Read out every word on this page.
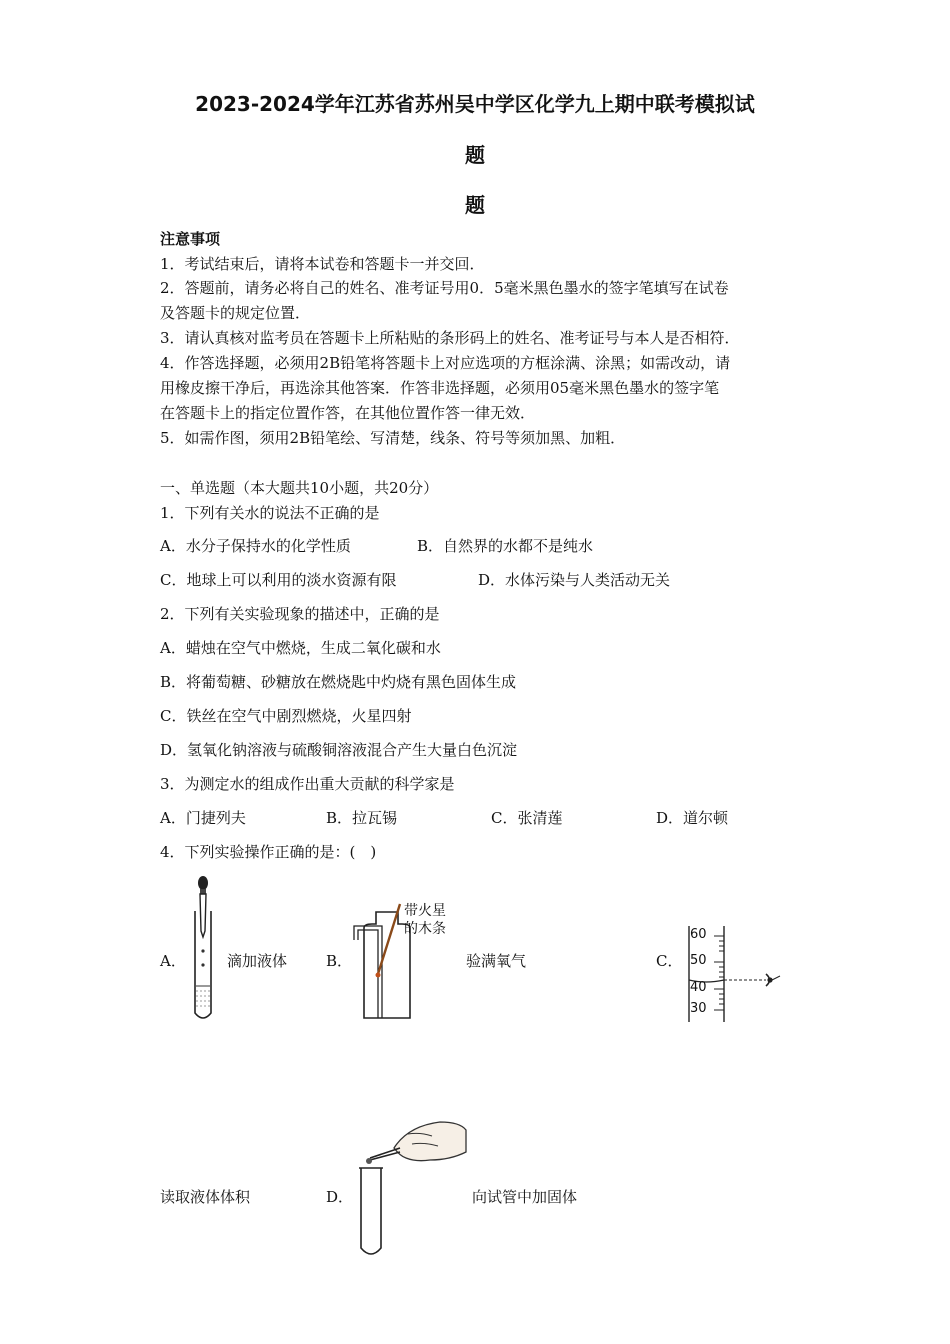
2023-2024学年江苏省苏州吴中学区化学九上期中联考模拟试
题
题
注意事项
1．考试结束后，请将本试卷和答题卡一并交回．
2．答题前，请务必将自己的姓名、准考证号用0．5毫米黑色墨水的签字笔填写在试卷
及答题卡的规定位置．
3．请认真核对监考员在答题卡上所粘贴的条形码上的姓名、准考证号与本人是否相符．
4．作答选择题，必须用2B铅笔将答题卡上对应选项的方框涂满、涂黑；如需改动，请
用橡皮擦干净后，再选涂其他答案．作答非选择题，必须用05毫米黑色墨水的签字笔
在答题卡上的指定位置作答，在其他位置作答一律无效．
5．如需作图，须用2B铅笔绘、写清楚，线条、符号等须加黑、加粗．
一、单选题（本大题共10小题，共20分）
1．下列有关水的说法不正确的是
A．水分子保持水的化学性质	B．自然界的水都不是纯水
C．地球上可以利用的淡水资源有限	D．水体污染与人类活动无关
2．下列有关实验现象的描述中，正确的是
A．蜡烛在空气中燃烧，生成二氧化碳和水
B．将葡萄糖、砂糖放在燃烧匙中灼烧有黑色固体生成
C．铁丝在空气中剧烈燃烧，火星四射
D．氢氧化钠溶液与硫酸铜溶液混合产生大量白色沉淀
3．为测定水的组成作出重大贡献的科学家是
A．门捷列夫	B．拉瓦锡	C．张清莲	D．道尔顿
4．下列实验操作正确的是：(　)
A．	滴加液体	B．
带火星
的木条
验满氧气	C．
60
50
40
30
读取液体体积	D．	向试管中加固体
